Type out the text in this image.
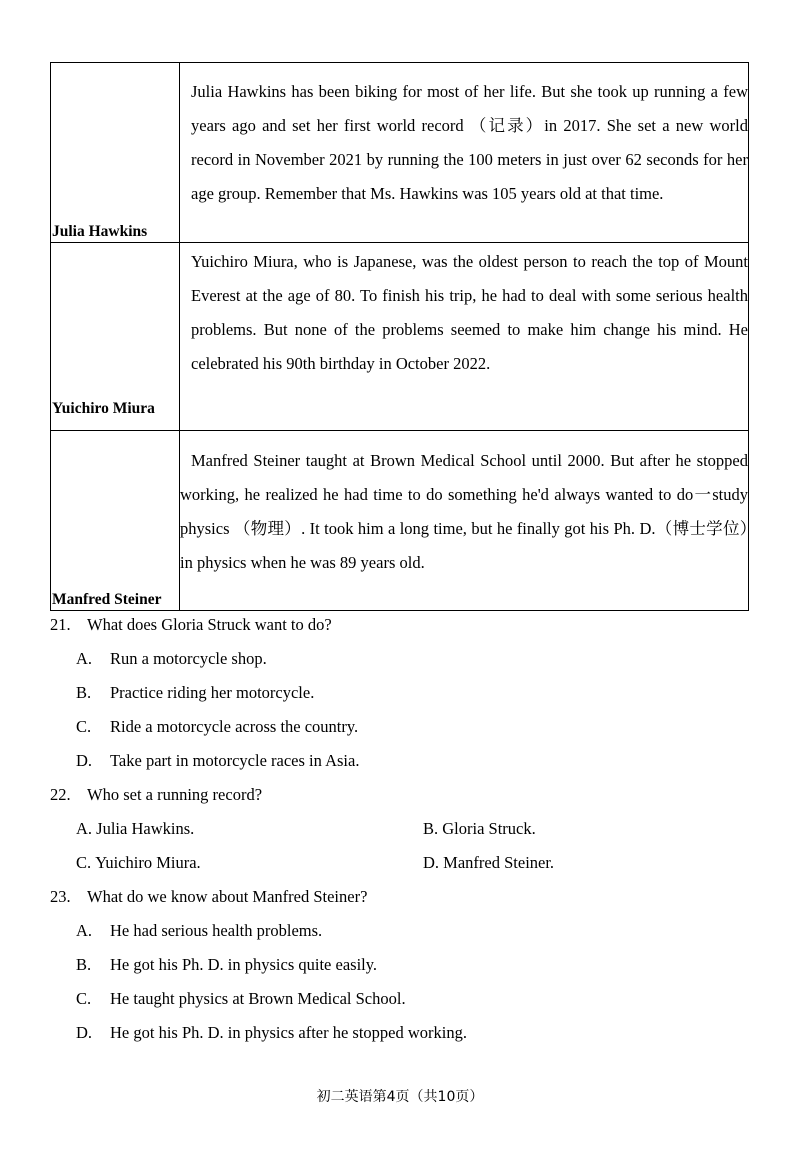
Julia Hawkins	Julia Hawkins has been biking for most of her life. But she took up running a few years ago and set her first world record （记录）in 2017. She set a new world record in November 2021 by running the 100 meters in just over 62 seconds for her age group. Remember that Ms. Hawkins was 105 years old at that time.

Yuichiro Miura	Yuichiro Miura, who is Japanese, was the oldest person to reach the top of Mount Everest at the age of 80. To finish his trip, he had to deal with some serious health problems. But none of the problems seemed to make him change his mind. He celebrated his 90th birthday in October 2022.

Manfred Steiner	Manfred Steiner taught at Brown Medical School until 2000. But after he stopped working, he realized he had time to do something he'd always wanted to do一study physics （物理）. It took him a long time, but he finally got his Ph. D.（博士学位）in physics when he was 89 years old.
21. What does Gloria Struck want to do?
A.	Run a motorcycle shop.
B.	Practice riding her motorcycle.
C.	Ride a motorcycle across the country.
D.	Take part in motorcycle races in Asia.
22. Who set a running record?
A. Julia Hawkins.	B. Gloria Struck.
C. Yuichiro Miura.	D. Manfred Steiner.
23. What do we know about Manfred Steiner?
A.	He had serious health problems.
B.	He got his Ph. D. in physics quite easily.
C.	He taught physics at Brown Medical School.
D.	He got his Ph. D. in physics after he stopped working.
初二英语第4页（共10页）
